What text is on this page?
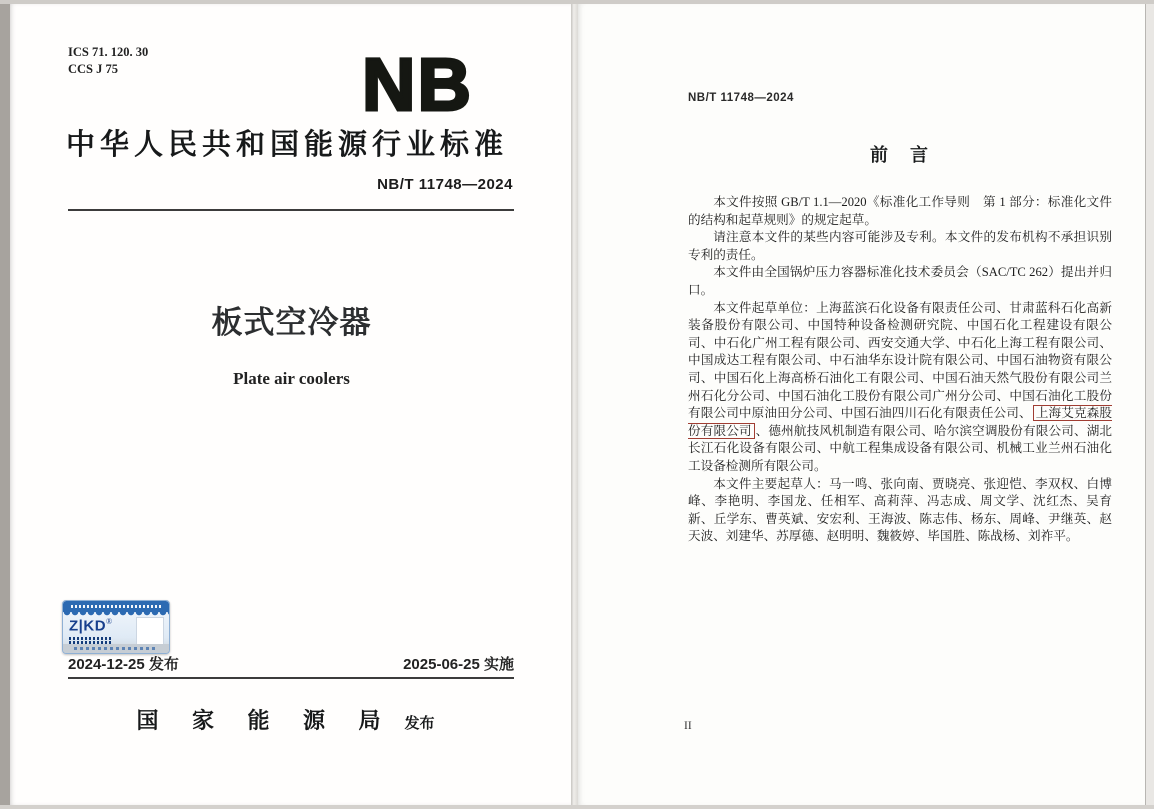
ICS 71. 120. 30
CCS J 75	NB
中华人民共和国能源行业标准
NB/T 11748—2024
板式空冷器
Plate air coolers
Z|KD®
2024-12-25 发布	2025-06-25 实施
国 家 能 源 局 发布
NB/T 11748—2024
前　言

本文件按照 GB/T 1.1—2020《标准化工作导则　第 1 部分：标准化文件的结构和起草规则》的规定起草。

请注意本文件的某些内容可能涉及专利。本文件的发布机构不承担识别专利的责任。

本文件由全国锅炉压力容器标准化技术委员会（SAC/TC 262）提出并归口。

本文件起草单位：上海蓝滨石化设备有限责任公司、甘肃蓝科石化高新装备股份有限公司、中国特种设备检测研究院、中国石化工程建设有限公司、中石化广州工程有限公司、西安交通大学、中石化上海工程有限公司、中国成达工程有限公司、中石油华东设计院有限公司、中国石油物资有限公司、中国石化上海高桥石油化工有限公司、中国石油天然气股份有限公司兰州石化分公司、中国石油化工股份有限公司广州分公司、中国石油化工股份有限公司中原油田分公司、中国石油四川石化有限责任公司、 上海艾克森股份有限公司 、德州航技风机制造有限公司、哈尔滨空调股份有限公司、湖北长江石化设备有限公司、中航工程集成设备有限公司、机械工业兰州石油化工设备检测所有限公司。

本文件主要起草人：马一鸣、张向南、贾晓亮、张迎恺、李双权、白博峰、李艳明、李国龙、任相军、高莉萍、冯志成、周文学、沈红杰、吴育新、丘学东、曹英斌、安宏利、王海波、陈志伟、杨东、周峰、尹继英、赵天波、刘建华、苏厚德、赵明明、魏筱婷、毕国胜、陈战杨、刘祚平。

II
